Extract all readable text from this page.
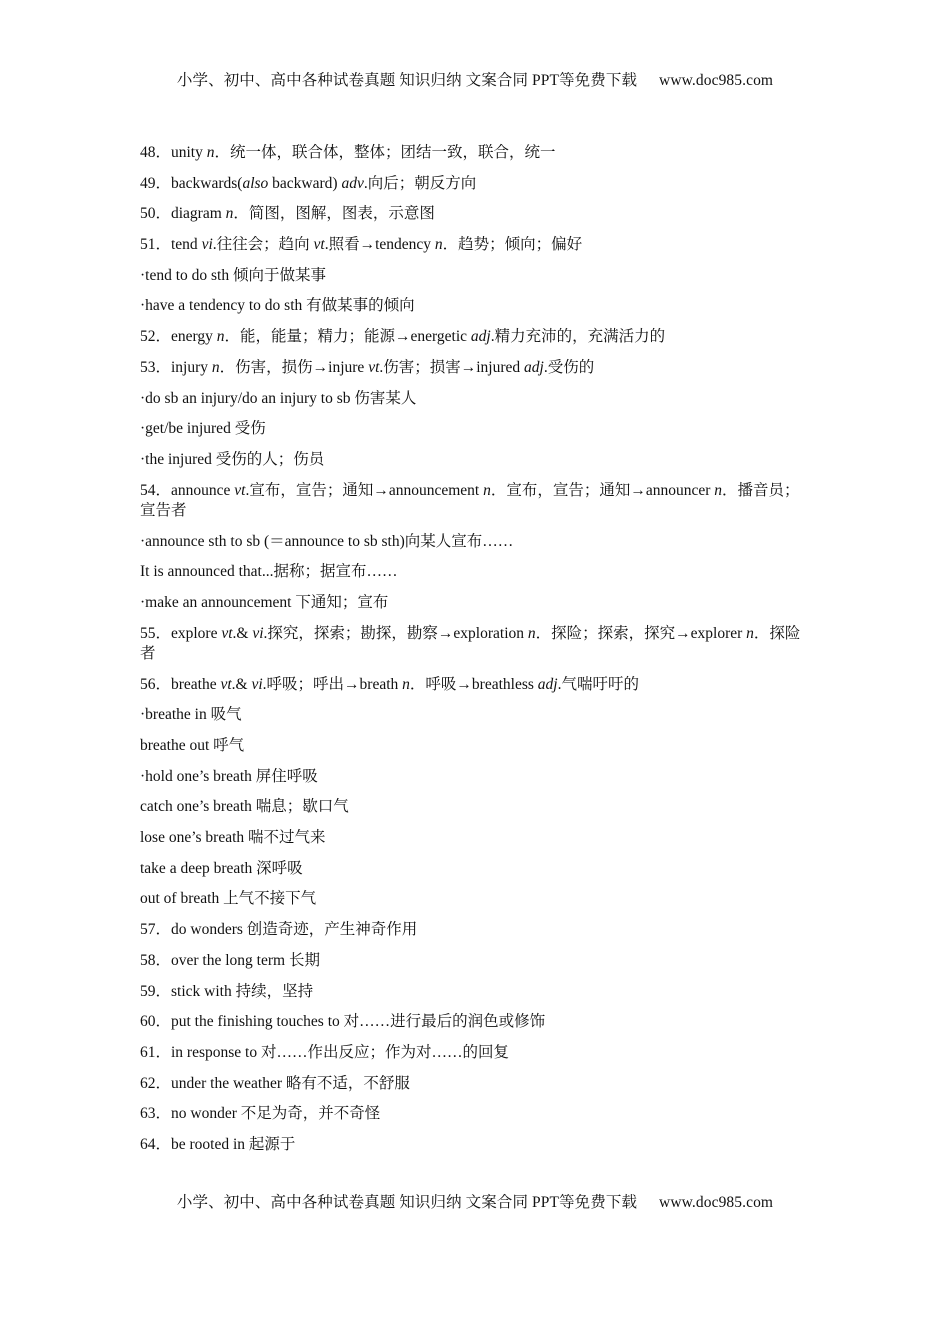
小学、初中、高中各种试卷真题 知识归纳 文案合同 PPT等免费下载 www.doc985.com
48．unity n．统一体，联合体，整体；团结一致，联合，统一
49．backwards(also backward) adv.向后；朝反方向
50．diagram n．简图，图解，图表，示意图
51．tend vi.往往会；趋向 vt.照看→tendency n．趋势；倾向；偏好
·tend to do sth 倾向于做某事
·have a tendency to do sth 有做某事的倾向
52．energy n．能，能量；精力；能源→energetic adj.精力充沛的，充满活力的
53．injury n．伤害，损伤→injure vt.伤害；损害→injured adj.受伤的
·do sb an injury/do an injury to sb 伤害某人
·get/be injured 受伤
·the injured 受伤的人；伤员
54．announce vt.宣布，宣告；通知→announcement n．宣布，宣告；通知→announcer n．播音员；宣告者
·announce sth to sb (＝announce to sb sth)向某人宣布……
It is announced that...据称；据宣布……
·make an announcement 下通知；宣布
55．explore vt.& vi.探究，探索；勘探，勘察→exploration n．探险；探索，探究→explorer n．探险者
56．breathe vt.& vi.呼吸；呼出→breath n．呼吸→breathless adj.气喘吁吁的
·breathe in 吸气
breathe out 呼气
·hold one’s breath 屏住呼吸
catch one’s breath 喘息；歇口气
lose one’s breath 喘不过气来
take a deep breath 深呼吸
out of breath 上气不接下气
57．do wonders 创造奇迹，产生神奇作用
58．over the long term 长期
59．stick with 持续，坚持
60．put the finishing touches to 对……进行最后的润色或修饰
61．in response to 对……作出反应；作为对……的回复
62．under the weather 略有不适，不舒服
63．no wonder 不足为奇，并不奇怪
64．be rooted in 起源于
小学、初中、高中各种试卷真题 知识归纳 文案合同 PPT等免费下载 www.doc985.com
